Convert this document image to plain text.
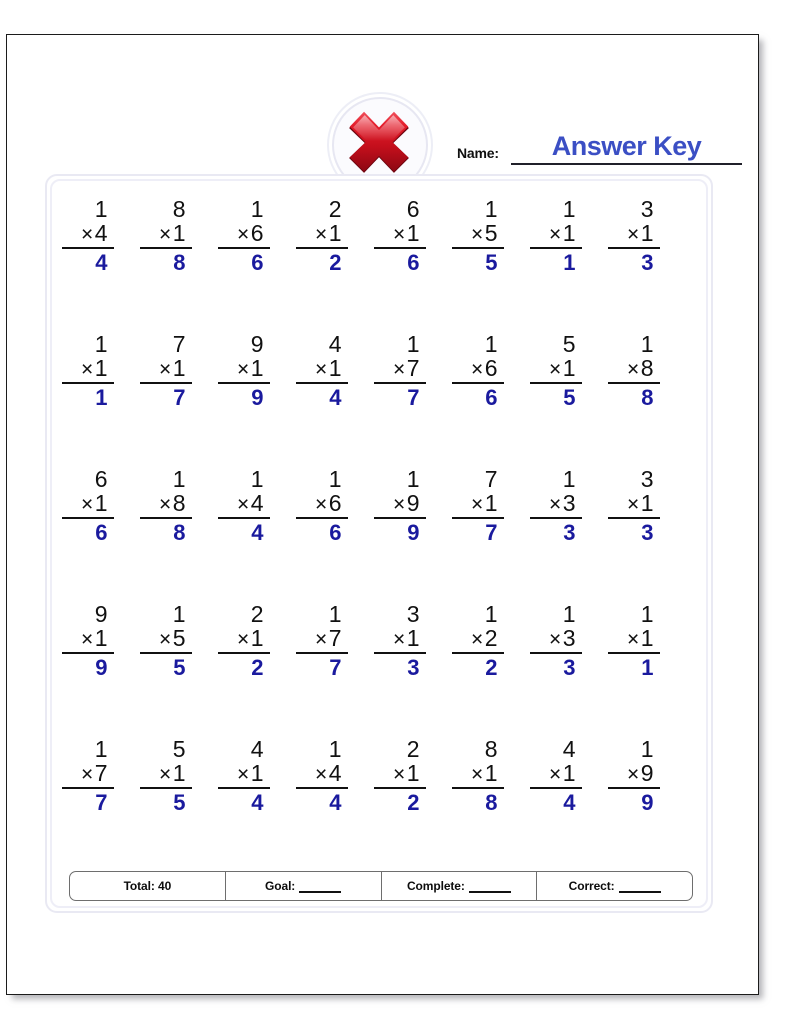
Name:	Answer Key
1
×4
4
8
×1
8
1
×6
6
2
×1
2
6
×1
6
1
×5
5
1
×1
1
3
×1
3
1
×1
1
7
×1
7
9
×1
9
4
×1
4
1
×7
7
1
×6
6
5
×1
5
1
×8
8
6
×1
6
1
×8
8
1
×4
4
1
×6
6
1
×9
9
7
×1
7
1
×3
3
3
×1
3
9
×1
9
1
×5
5
2
×1
2
1
×7
7
3
×1
3
1
×2
2
1
×3
3
1
×1
1
1
×7
7
5
×1
5
4
×1
4
1
×4
4
2
×1
2
8
×1
8
4
×1
4
1
×9
9
Total: 40	Goal:	Complete:	Correct:
